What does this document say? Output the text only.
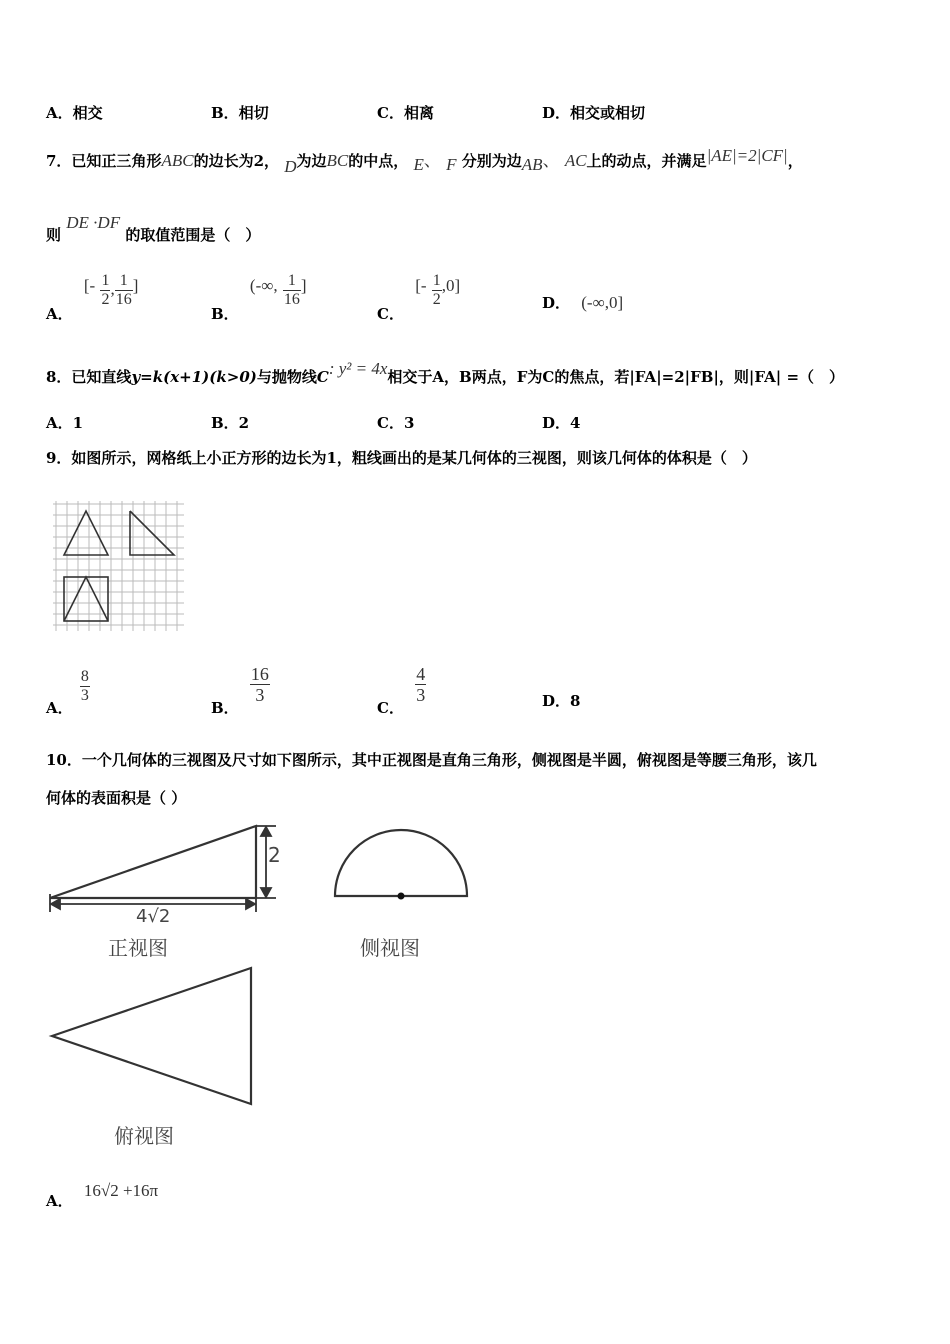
A．相交	B．相切	C．相离	D．相交或相切
7．已知正三角形ABC的边长为2， D为边BC的中点， E、 F 分别为边AB、 AC上的动点，并满足|AE|=2|CF|，
则 DE ·DF 的取值范围是（　）
A． [- $\frac{1}{2}$ , $\frac{1}{16}$ ]
B． (-∞, $\frac{1}{16}$ ]
C． [- $\frac{1}{2} ,0$]
D． (-∞,0]
8．已知直线y=k(x+1)(k>0)与抛物线C: y² = 4x相交于A，B两点，F为C的焦点，若|FA|=2|FB|，则|FA| =（　）
A．1	B．2	C．3	D．4
9．如图所示，网格纸上小正方形的边长为1，粗线画出的是某几何体的三视图，则该几何体的体积是（　）
A．
$\frac{8}{3}$
B．
$\frac{16}{3}$
C．
$\frac{4}{3}$	D．8
10．一个几何体的三视图及尺寸如下图所示，其中正视图是直角三角形，侧视图是半圆，俯视图是等腰三角形，该几
何体的表面积是（ ）
2
4√2
正视图	侧视图
俯视图
A． 16√2 +16π
